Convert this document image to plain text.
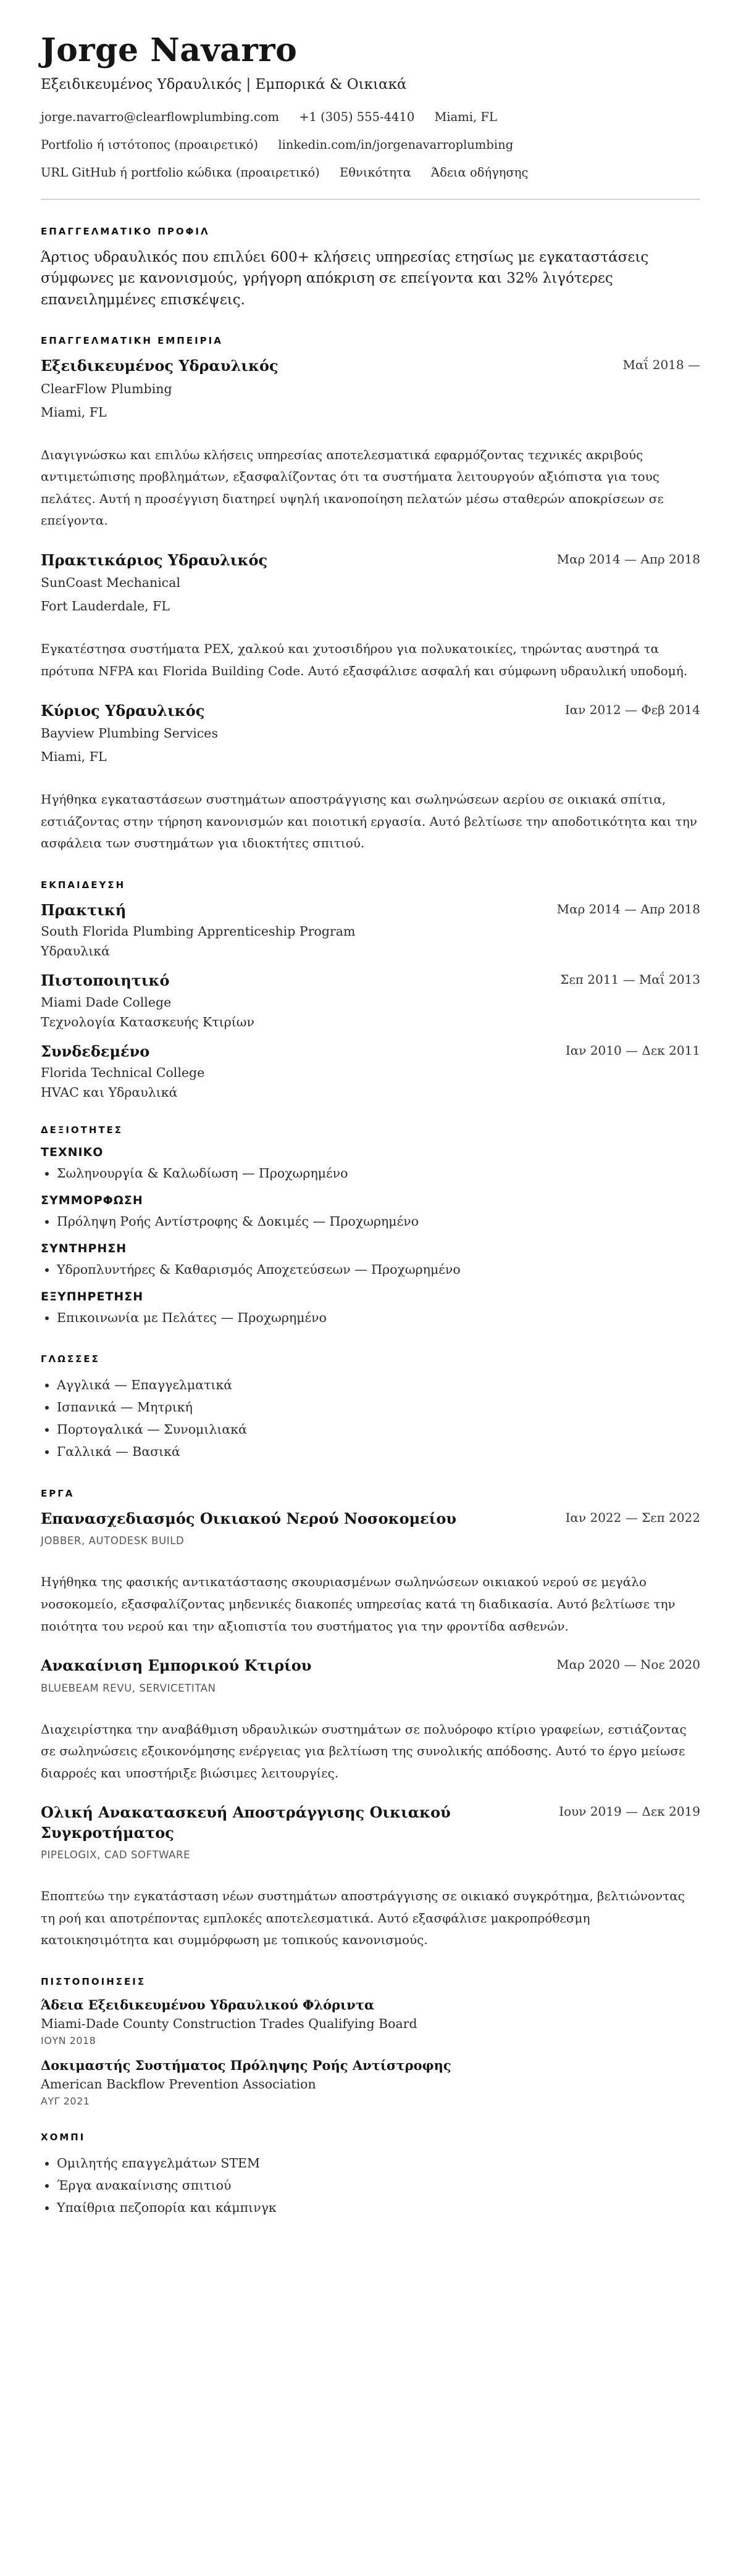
Jorge Navarro
Εξειδικευμένος Υδραυλικός | Εμπορικά & Οικιακά
jorge.navarro@clearflowplumbing.com +1 (305) 555-4410 Miami, FL
Portfolio ή ιστότοπος (προαιρετικό) linkedin.com/in/jorgenavarroplumbing
URL GitHub ή portfolio κώδικα (προαιρετικό) Εθνικότητα Άδεια οδήγησης
ΕΠΑΓΓΕΛΜΑΤΙΚΟ ΠΡΟΦΙΛ

Άρτιος υδραυλικός που επιλύει 600+ κλήσεις υπηρεσίας ετησίως με εγκαταστάσεις σύμφωνες με κανονισμούς, γρήγορη απόκριση σε επείγοντα και 32% λιγότερες επανειλημμένες επισκέψεις.

ΕΠΑΓΓΕΛΜΑΤΙΚΗ ΕΜΠΕΙΡΙΑ
Εξειδικευμένος Υδραυλικός	Μαΐ 2018 —
ClearFlow Plumbing
Miami, FL
Διαγιγνώσκω και επιλύω κλήσεις υπηρεσίας αποτελεσματικά εφαρμόζοντας τεχνικές ακριβούς αντιμετώπισης προβλημάτων, εξασφαλίζοντας ότι τα συστήματα λειτουργούν αξιόπιστα για τους πελάτες. Αυτή η προσέγγιση διατηρεί υψηλή ικανοποίηση πελατών μέσω σταθερών αποκρίσεων σε επείγοντα.
Πρακτικάριος Υδραυλικός	Μαρ 2014 — Απρ 2018
SunCoast Mechanical
Fort Lauderdale, FL
Εγκατέστησα συστήματα PEX, χαλκού και χυτοσιδήρου για πολυκατοικίες, τηρώντας αυστηρά τα πρότυπα NFPA και Florida Building Code. Αυτό εξασφάλισε ασφαλή και σύμφωνη υδραυλική υποδομή.
Κύριος Υδραυλικός	Ιαν 2012 — Φεβ 2014
Bayview Plumbing Services
Miami, FL
Ηγήθηκα εγκαταστάσεων συστημάτων αποστράγγισης και σωληνώσεων αερίου σε οικιακά σπίτια, εστιάζοντας στην τήρηση κανονισμών και ποιοτική εργασία. Αυτό βελτίωσε την αποδοτικότητα και την ασφάλεια των συστημάτων για ιδιοκτήτες σπιτιού.
ΕΚΠΑΙΔΕΥΣΗ
Πρακτική	Μαρ 2014 — Απρ 2018
South Florida Plumbing Apprenticeship Program
Υδραυλικά
Πιστοποιητικό	Σεπ 2011 — Μαΐ 2013
Miami Dade College
Τεχνολογία Κατασκευής Κτιρίων
Συνδεδεμένο	Ιαν 2010 — Δεκ 2011
Florida Technical College
HVAC και Υδραυλικά
ΔΕΞΙΟΤΗΤΕΣ
ΤΕΧΝΙΚΟ
• Σωληνουργία & Καλωδίωση — Προχωρημένο
ΣΥΜΜΟΡΦΩΣΗ
• Πρόληψη Ροής Αντίστροφης & Δοκιμές — Προχωρημένο
ΣΥΝΤΗΡΗΣΗ
• Υδροπλυντήρες & Καθαρισμός Αποχετεύσεων — Προχωρημένο
ΕΞΥΠΗΡΕΤΗΣΗ
• Επικοινωνία με Πελάτες — Προχωρημένο
ΓΛΩΣΣΕΣ
• Αγγλικά — Επαγγελματικά
• Ισπανικά — Μητρική
• Πορτογαλικά — Συνομιλιακά
• Γαλλικά — Βασικά
ΕΡΓΑ
Επανασχεδιασμός Οικιακού Νερού Νοσοκομείου	Ιαν 2022 — Σεπ 2022
JOBBER, AUTODESK BUILD
Ηγήθηκα της φασικής αντικατάστασης σκουριασμένων σωληνώσεων οικιακού νερού σε μεγάλο νοσοκομείο, εξασφαλίζοντας μηδενικές διακοπές υπηρεσίας κατά τη διαδικασία. Αυτό βελτίωσε την ποιότητα του νερού και την αξιοπιστία του συστήματος για την φροντίδα ασθενών.
Ανακαίνιση Εμπορικού Κτιρίου	Μαρ 2020 — Νοε 2020
BLUEBEAM REVU, SERVICETITAN
Διαχειρίστηκα την αναβάθμιση υδραυλικών συστημάτων σε πολυόροφο κτίριο γραφείων, εστιάζοντας σε σωληνώσεις εξοικονόμησης ενέργειας για βελτίωση της συνολικής απόδοσης. Αυτό το έργο μείωσε διαρροές και υποστήριξε βιώσιμες λειτουργίες.
Ολική Ανακατασκευή Αποστράγγισης Οικιακού Συγκροτήματος
Ιουν 2019 — Δεκ 2019
PIPELOGIX, CAD SOFTWARE
Εποπτεύω την εγκατάσταση νέων συστημάτων αποστράγγισης σε οικιακό συγκρότημα, βελτιώνοντας τη ροή και αποτρέποντας εμπλοκές αποτελεσματικά. Αυτό εξασφάλισε μακροπρόθεσμη κατοικησιμότητα και συμμόρφωση με τοπικούς κανονισμούς.
ΠΙΣΤΟΠΟΙΗΣΕΙΣ
Άδεια Εξειδικευμένου Υδραυλικού Φλόριντα
Miami-Dade County Construction Trades Qualifying Board
ΙΟΥΝ 2018
Δοκιμαστής Συστήματος Πρόληψης Ροής Αντίστροφης
American Backflow Prevention Association
ΑΥΓ 2021
ΧΟΜΠΙ
• Ομιλητής επαγγελμάτων STEM
• Έργα ανακαίνισης σπιτιού
• Υπαίθρια πεζοπορία και κάμπινγκ
